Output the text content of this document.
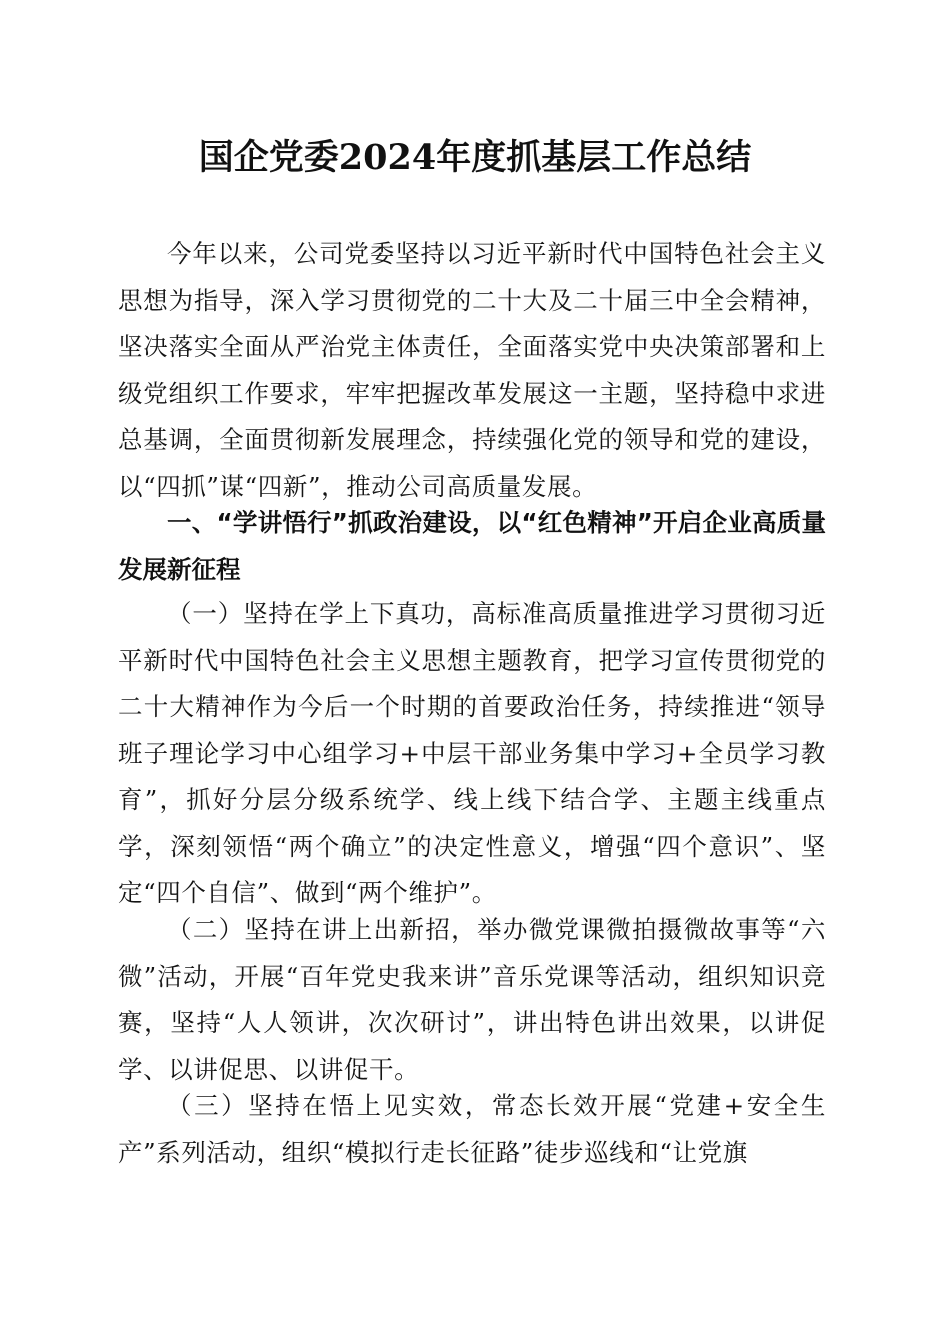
国企党委2024年度抓基层工作总结

今年以来，公司党委坚持以习近平新时代中国特色社会主义思想为指导，深入学习贯彻党的二十大及二十届三中全会精神，坚决落实全面从严治党主体责任，全面落实党中央决策部署和上级党组织工作要求，牢牢把握改革发展这一主题，坚持稳中求进总基调，全面贯彻新发展理念，持续强化党的领导和党的建设，以“四抓”谋“四新”，推动公司高质量发展。

一、“学讲悟行”抓政治建设，以“红色精神”开启企业高质量发展新征程

（一）坚持在学上下真功，高标准高质量推进学习贯彻习近平新时代中国特色社会主义思想主题教育，把学习宣传贯彻党的二十大精神作为今后一个时期的首要政治任务，持续推进“领导班子理论学习中心组学习+中层干部业务集中学习+全员学习教育”，抓好分层分级系统学、线上线下结合学、主题主线重点学，深刻领悟“两个确立”的决定性意义，增强“四个意识”、坚定“四个自信”、做到“两个维护”。

（二）坚持在讲上出新招，举办微党课微拍摄微故事等“六微”活动，开展“百年党史我来讲”音乐党课等活动，组织知识竞赛，坚持“人人领讲，次次研讨”，讲出特色讲出效果，以讲促学、以讲促思、以讲促干。

（三）坚持在悟上见实效，常态长效开展“党建+安全生产”系列活动，组织“模拟行走长征路”徒步巡线和“让党旗
